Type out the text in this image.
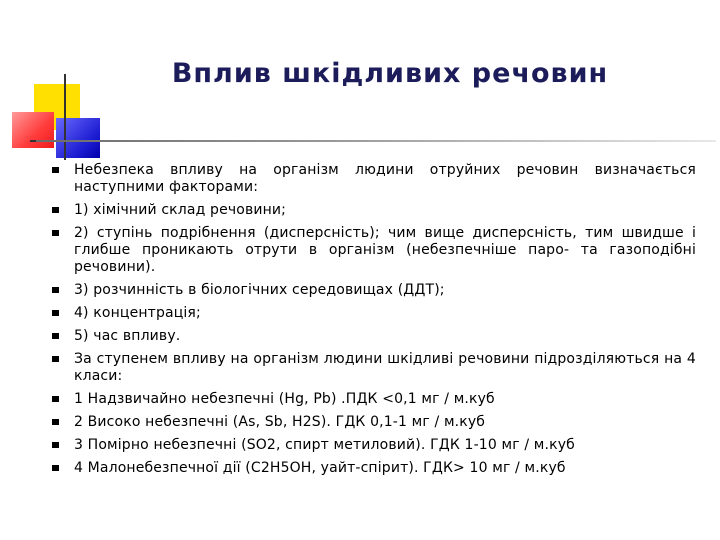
Вплив шкідливих речовин
Небезпека впливу на організм людини отруйних речовин визначається наступними факторами:
1) хімічний склад речовини;
2) ступінь подрібнення (дисперсність); чим вище дисперсність, тим швидше і глибше проникають отрути в організм (небезпечніше паро- та газоподібні речовини).
3) розчинність в біологічних середовищах (ДДТ);
4) концентрація;
5) час впливу.
За ступенем впливу на організм людини шкідливі речовини підрозділяються на 4 класи:
1 Надзвичайно небезпечні (Hg, Pb) .ПДК <0,1 мг / м.куб
2 Високо небезпечні (As, Sb, H2S). ГДК 0,1-1 мг / м.куб
3 Помірно небезпечні (SO2, спирт метиловий). ГДК 1-10 мг / м.куб
4 Малонебезпечної дії (C2H5OH, уайт-спірит). ГДК> 10 мг / м.куб
